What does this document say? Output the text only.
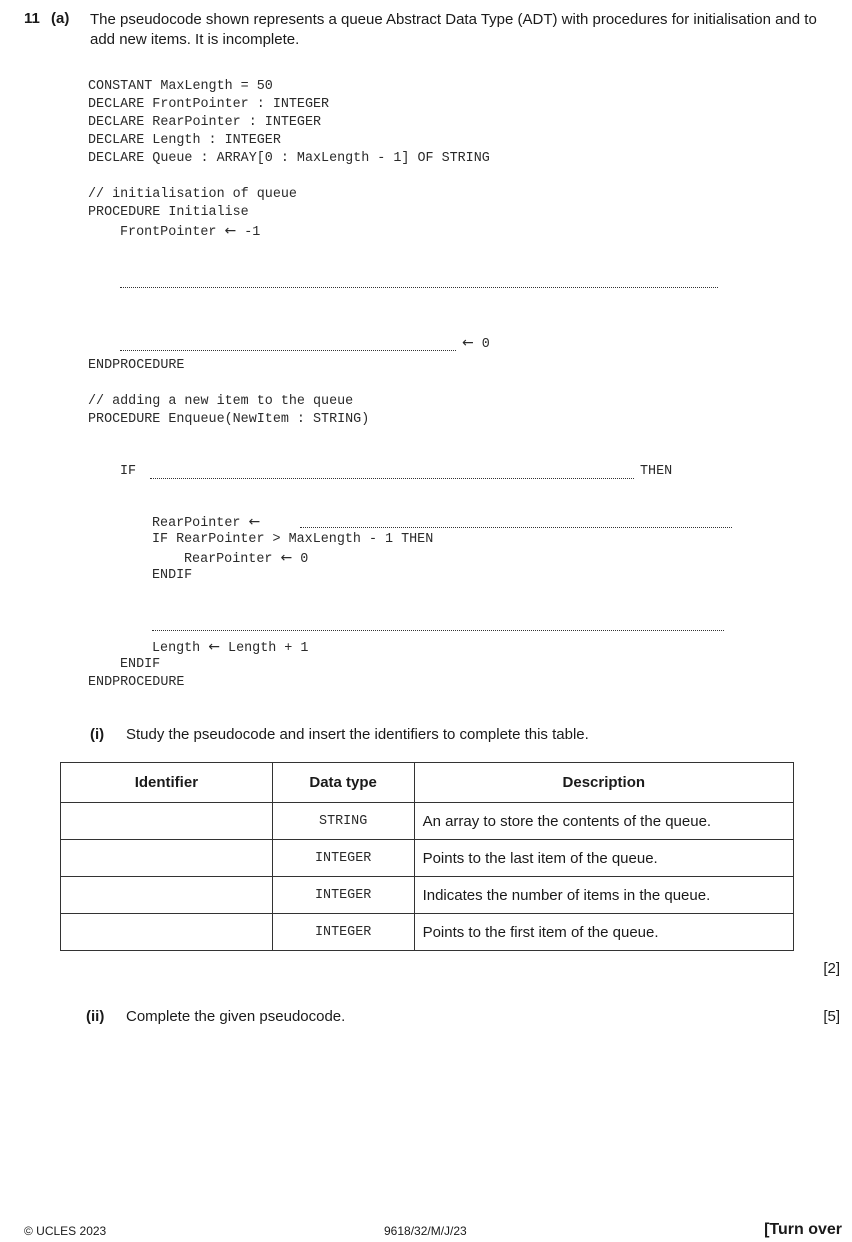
11 (a) The pseudocode shown represents a queue Abstract Data Type (ADT) with procedures for initialisation and to add new items. It is incomplete.
CONSTANT MaxLength = 50
DECLARE FrontPointer : INTEGER
DECLARE RearPointer : INTEGER
DECLARE Length : INTEGER
DECLARE Queue : ARRAY[0 : MaxLength - 1] OF STRING
// initialisation of queue
PROCEDURE Initialise
FrontPointer ← -1
← 0
ENDPROCEDURE
// adding a new item to the queue
PROCEDURE Enqueue(NewItem : STRING)
IF	THEN
RearPointer ←
IF RearPointer > MaxLength - 1 THEN
RearPointer ← 0
ENDIF
Length ← Length + 1
ENDIF
ENDPROCEDURE
(i) Study the pseudocode and insert the identifiers to complete this table.
Identifier	Data type	Description
	STRING	An array to store the contents of the queue.
	INTEGER	Points to the last item of the queue.
	INTEGER	Indicates the number of items in the queue.
	INTEGER	Points to the first item of the queue.
[2]
(ii) Complete the given pseudocode.	[5]
© UCLES 2023	9618/32/M/J/23	[Turn over
